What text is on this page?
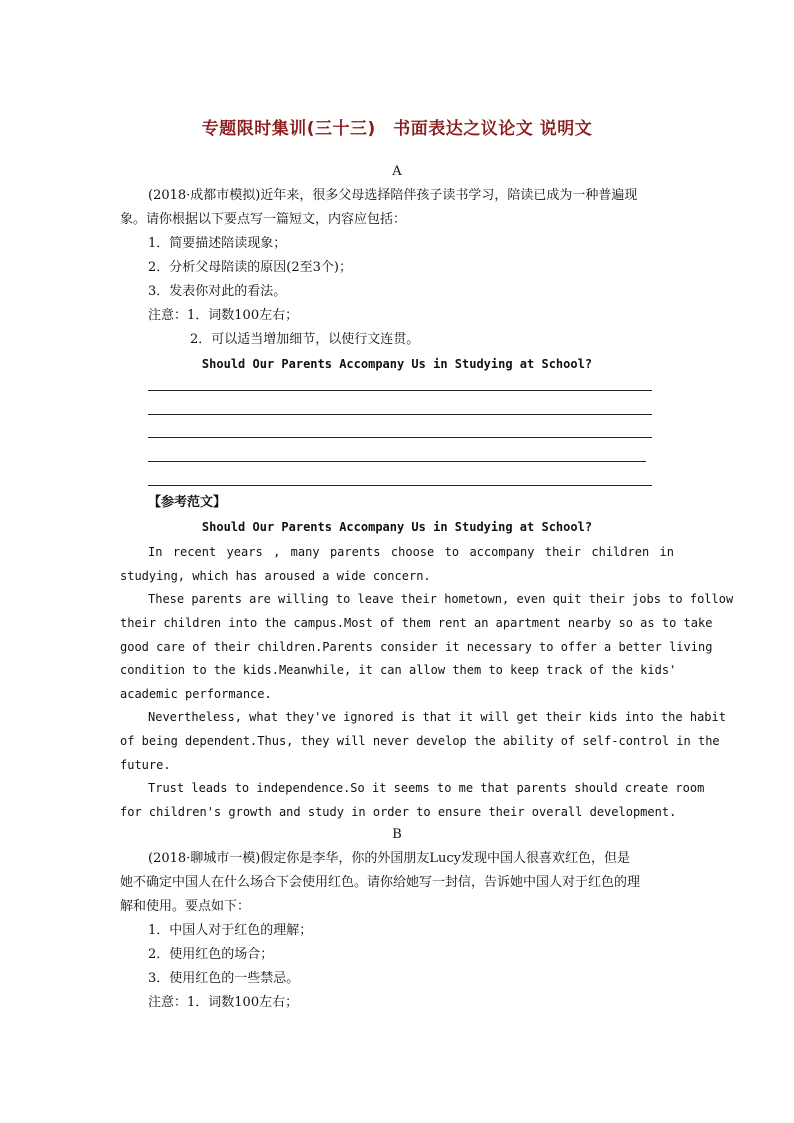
专题限时集训(三十三)　书面表达之议论文 说明文
A
(2018·成都市模拟)近年来，很多父母选择陪伴孩子读书学习，陪读已成为一种普遍现
象。请你根据以下要点写一篇短文，内容应包括：
1．简要描述陪读现象；
2．分析父母陪读的原因(2至3个)；
3．发表你对此的看法。
注意：1．词数100左右；
2．可以适当增加细节，以使行文连贯。
Should Our Parents Accompany Us in Studying at School?
【参考范文】
Should Our Parents Accompany Us in Studying at School?
In recent years , many parents choose to accompany their children in
studying, which has aroused a wide concern.
These parents are willing to leave their hometown, even quit their jobs to follow
their children into the campus.Most of them rent an apartment nearby so as to take
good care of their children.Parents consider it necessary to offer a better living
condition to the kids.Meanwhile, it can allow them to keep track of the kids'
academic performance.
Nevertheless, what they've ignored is that it will get their kids into the habit
of being dependent.Thus, they will never develop the ability of self-control in the
future.
Trust leads to independence.So it seems to me that parents should create room
for children's growth and study in order to ensure their overall development.
B
(2018·聊城市一模)假定你是李华，你的外国朋友Lucy发现中国人很喜欢红色，但是
她不确定中国人在什么场合下会使用红色。请你给她写一封信，告诉她中国人对于红色的理
解和使用。要点如下：
1．中国人对于红色的理解；
2．使用红色的场合；
3．使用红色的一些禁忌。
注意：1．词数100左右；
